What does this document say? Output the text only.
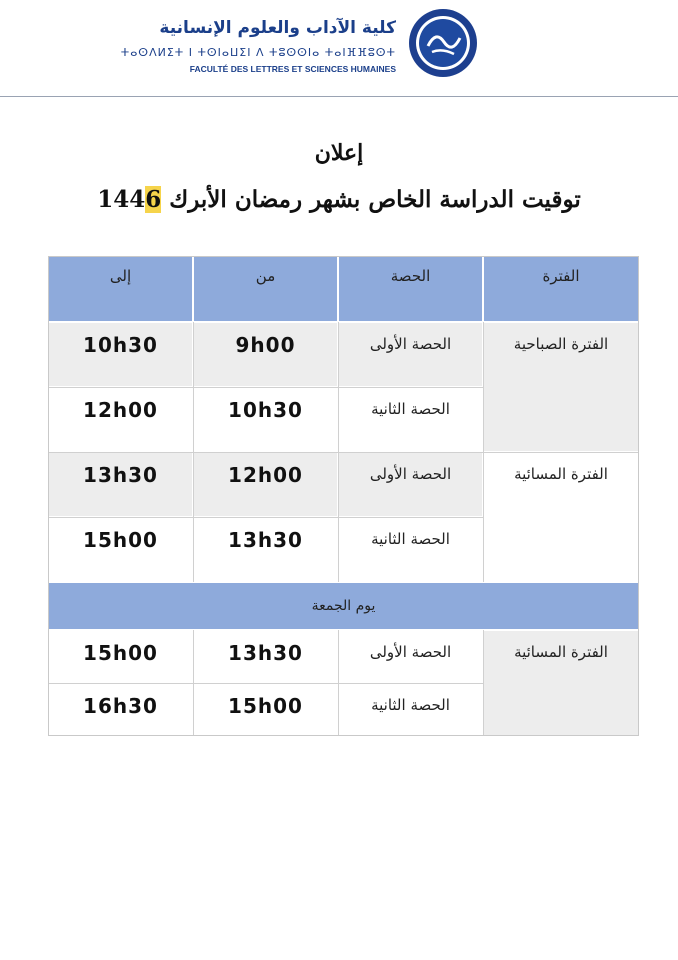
كلية الآداب والعلوم الإنسانية
ⵜⴰⵙⴷⵍⵉⵜ ⵏ ⵜⵙⵏⴰⵡⵉⵏ ⴷ ⵜⵓⵙⵙⵏⴰ ⵜⴰⵏⴼⴼⵓⵙⵜ
FACULTÉ DES LETTRES ET SCIENCES HUMAINES
إعلان
توقيت الدراسة الخاص بشهر رمضان الأبرك 1446
الفترة
الحصة
من
إلى
الفترة الصباحية
الحصة الأولى
9h00
10h30
الحصة الثانية
10h30
12h00
الفترة المسائية
الحصة الأولى
12h00
13h30
الحصة الثانية
13h30
15h00
يوم الجمعة
الفترة المسائية
الحصة الأولى
13h30
15h00
الحصة الثانية
15h00
16h30
